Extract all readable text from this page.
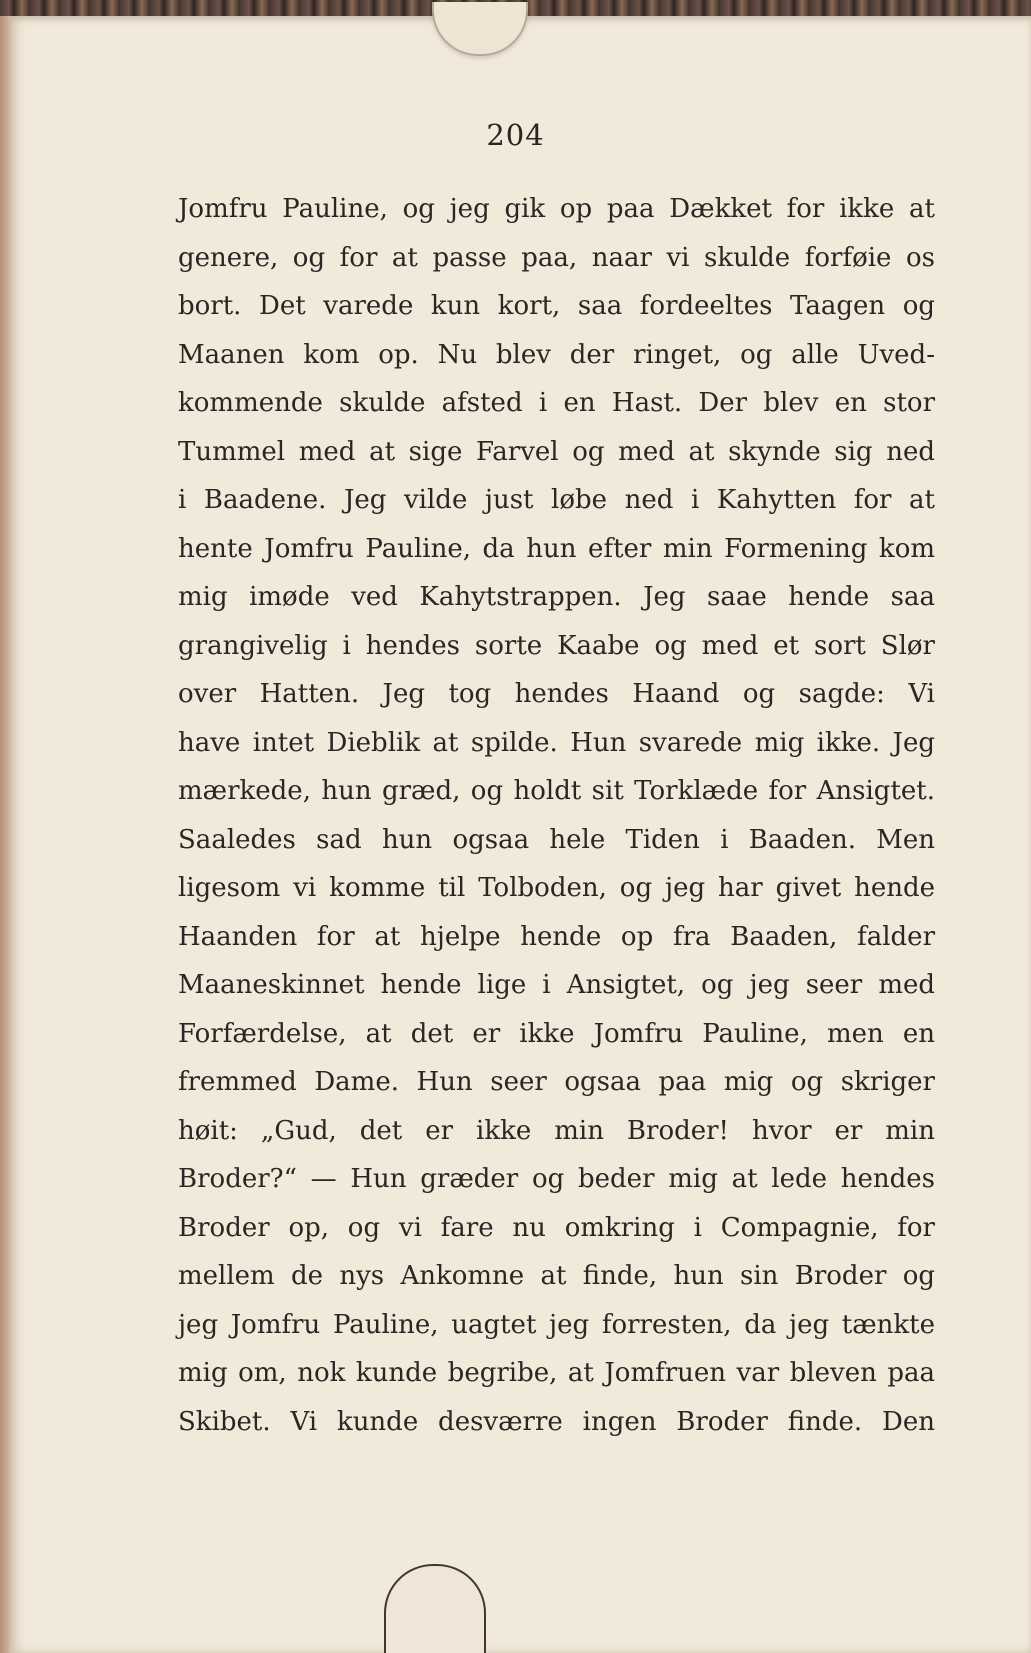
204
Jomfru Pauline, og jeg gik op paa Dækket for ikke at
genere, og for at passe paa, naar vi skulde forføie os
bort. Det varede kun kort, saa fordeeltes Taagen og
Maanen kom op. Nu blev der ringet, og alle Uved-
kommende skulde afsted i en Hast. Der blev en stor
Tummel med at sige Farvel og med at skynde sig ned
i Baadene. Jeg vilde just løbe ned i Kahytten for at
hente Jomfru Pauline, da hun efter min Formening kom
mig imøde ved Kahytstrappen. Jeg saae hende saa
grangivelig i hendes sorte Kaabe og med et sort Slør
over Hatten. Jeg tog hendes Haand og sagde: Vi
have intet Dieblik at spilde. Hun svarede mig ikke. Jeg
mærkede, hun græd, og holdt sit Torklæde for Ansigtet.
Saaledes sad hun ogsaa hele Tiden i Baaden. Men
ligesom vi komme til Tolboden, og jeg har givet hende
Haanden for at hjelpe hende op fra Baaden, falder
Maaneskinnet hende lige i Ansigtet, og jeg seer med
Forfærdelse, at det er ikke Jomfru Pauline, men en
fremmed Dame. Hun seer ogsaa paa mig og skriger
høit: „Gud, det er ikke min Broder! hvor er min
Broder?“ — Hun græder og beder mig at lede hendes
Broder op, og vi fare nu omkring i Compagnie, for
mellem de nys Ankomne at finde, hun sin Broder og
jeg Jomfru Pauline, uagtet jeg forresten, da jeg tænkte
mig om, nok kunde begribe, at Jomfruen var bleven paa
Skibet. Vi kunde desværre ingen Broder finde. Den
